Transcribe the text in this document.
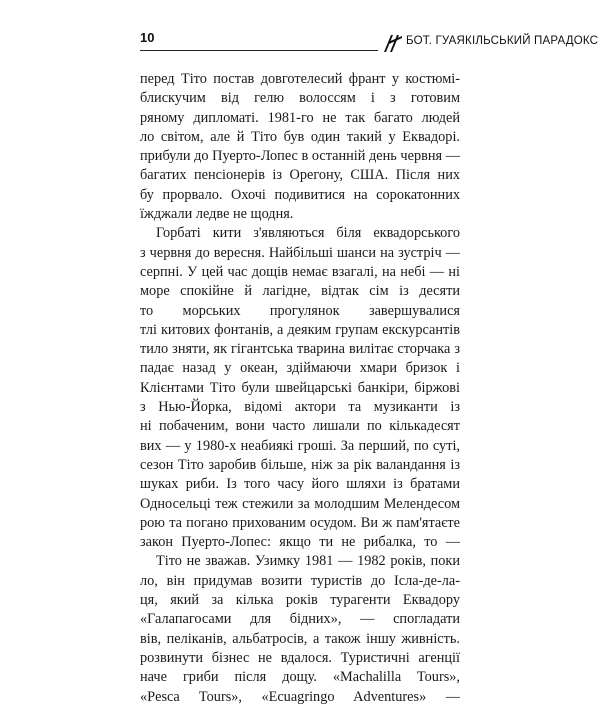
10	БОТ. ГУАЯКІЛЬСЬКИЙ ПАРАДОКС
перед Тіто постав довготелесий франт у костюмі-
блискучим від гелю волоссям і з готовим
ряному дипломаті. 1981-го не так багато людей
ло світом, але й Тіто був один такий у Еквадорі.
прибули до Пуерто-Лопес в останній день червня —
багатих пенсіонерів із Орегону, США. Після них
бу прорвало. Охочі подивитися на сорокатонних
їжджали ледве не щодня.
Горбаті кити з'являються біля еквадорського
з червня до вересня. Найбільші шанси на зустріч —
серпні. У цей час дощів немає взагалі, на небі — ні
море спокійне й лагідне, відтак сім із десяти
то морських прогулянок завершувалися
тлі китових фонтанів, а деяким групам екскурсантів
тило зняти, як гігантська тварина вилітає сторчака з
падає назад у океан, здіймаючи хмари бризок і
Клієнтами Тіто були швейцарські банкіри, біржові
з Нью-Йорка, відомі актори та музиканти із
ні побаченим, вони часто лишали по кількадесят
вих — у 1980-х неабиякі гроші. За перший, по суті,
сезон Тіто заробив більше, ніж за рік валандання із
шуках риби. Із того часу його шляхи із братами
Односельці теж стежили за молодшим Мелендесом
рою та погано прихованим осудом. Ви ж пам'ятаєте
закон Пуерто-Лопес: якщо ти не рибалка, то —
Тіто не зважав. Узимку 1981 — 1982 років, поки
ло, він придумав возити туристів до Ісла-де-ла-
ця, який за кілька років турагенти Еквадору
«Галапагосами для бідних», — спогладати
вів, пеліканів, альбатросів, а також іншу живність.
розвинути бізнес не вдалося. Туристичні агенції
наче гриби після дощу. «Machalilla Tours»,
«Pesca Tours», «Ecuagringo Adventures» —
